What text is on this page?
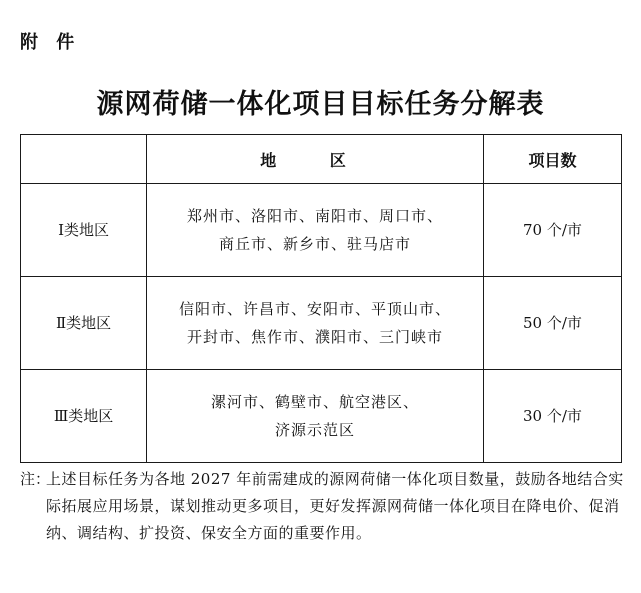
附 件
源网荷储一体化项目目标任务分解表
	地 区	项目数
Ⅰ类地区	郑州市、洛阳市、南阳市、周口市、
商丘市、新乡市、驻马店市	70 个/市
Ⅱ类地区	信阳市、许昌市、安阳市、平顶山市、
开封市、焦作市、濮阳市、三门峡市	50 个/市
Ⅲ类地区	漯河市、鹤壁市、航空港区、
济源示范区	30 个/市
注：
上述目标任务为各地 2027 年前需建成的源网荷储一体化项目数量，鼓励各地结合实际拓展应用场景，谋划推动更多项目，更好发挥源网荷储一体化项目在降电价、促消纳、调结构、扩投资、保安全方面的重要作用。
